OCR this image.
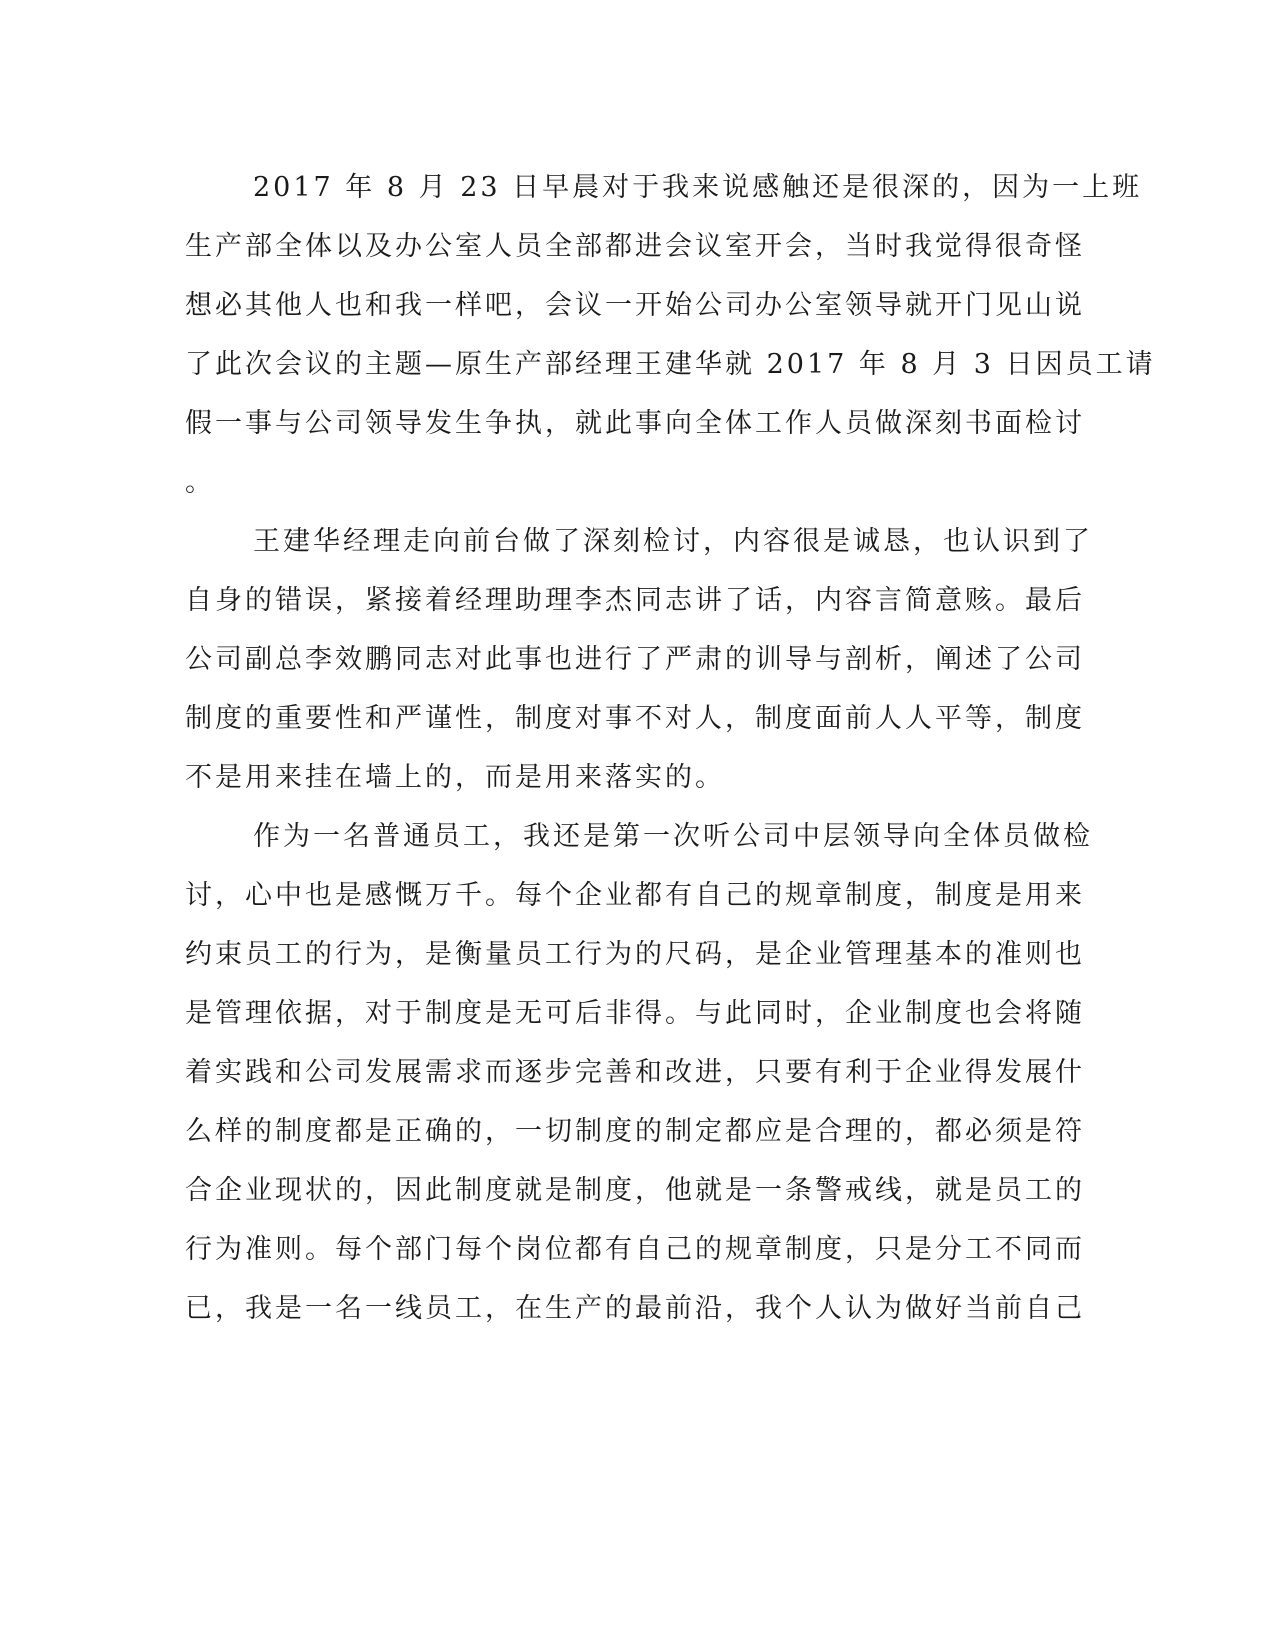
2017 年 8 月 23 日早晨对于我来说感触还是很深的，因为一上班
生产部全体以及办公室人员全部都进会议室开会，当时我觉得很奇怪
想必其他人也和我一样吧，会议一开始公司办公室领导就开门见山说
了此次会议的主题—原生产部经理王建华就 2017 年 8 月 3 日因员工请
假一事与公司领导发生争执，就此事向全体工作人员做深刻书面检讨
。
王建华经理走向前台做了深刻检讨，内容很是诚恳，也认识到了
自身的错误，紧接着经理助理李杰同志讲了话，内容言简意赅。最后
公司副总李效鹏同志对此事也进行了严肃的训导与剖析，阐述了公司
制度的重要性和严谨性，制度对事不对人，制度面前人人平等，制度
不是用来挂在墙上的，而是用来落实的。
作为一名普通员工，我还是第一次听公司中层领导向全体员做检
讨，心中也是感慨万千。每个企业都有自己的规章制度，制度是用来
约束员工的行为，是衡量员工行为的尺码，是企业管理基本的准则也
是管理依据，对于制度是无可后非得。与此同时，企业制度也会将随
着实践和公司发展需求而逐步完善和改进，只要有利于企业得发展什
么样的制度都是正确的，一切制度的制定都应是合理的，都必须是符
合企业现状的，因此制度就是制度，他就是一条警戒线，就是员工的
行为准则。每个部门每个岗位都有自己的规章制度，只是分工不同而
已，我是一名一线员工，在生产的最前沿，我个人认为做好当前自己
